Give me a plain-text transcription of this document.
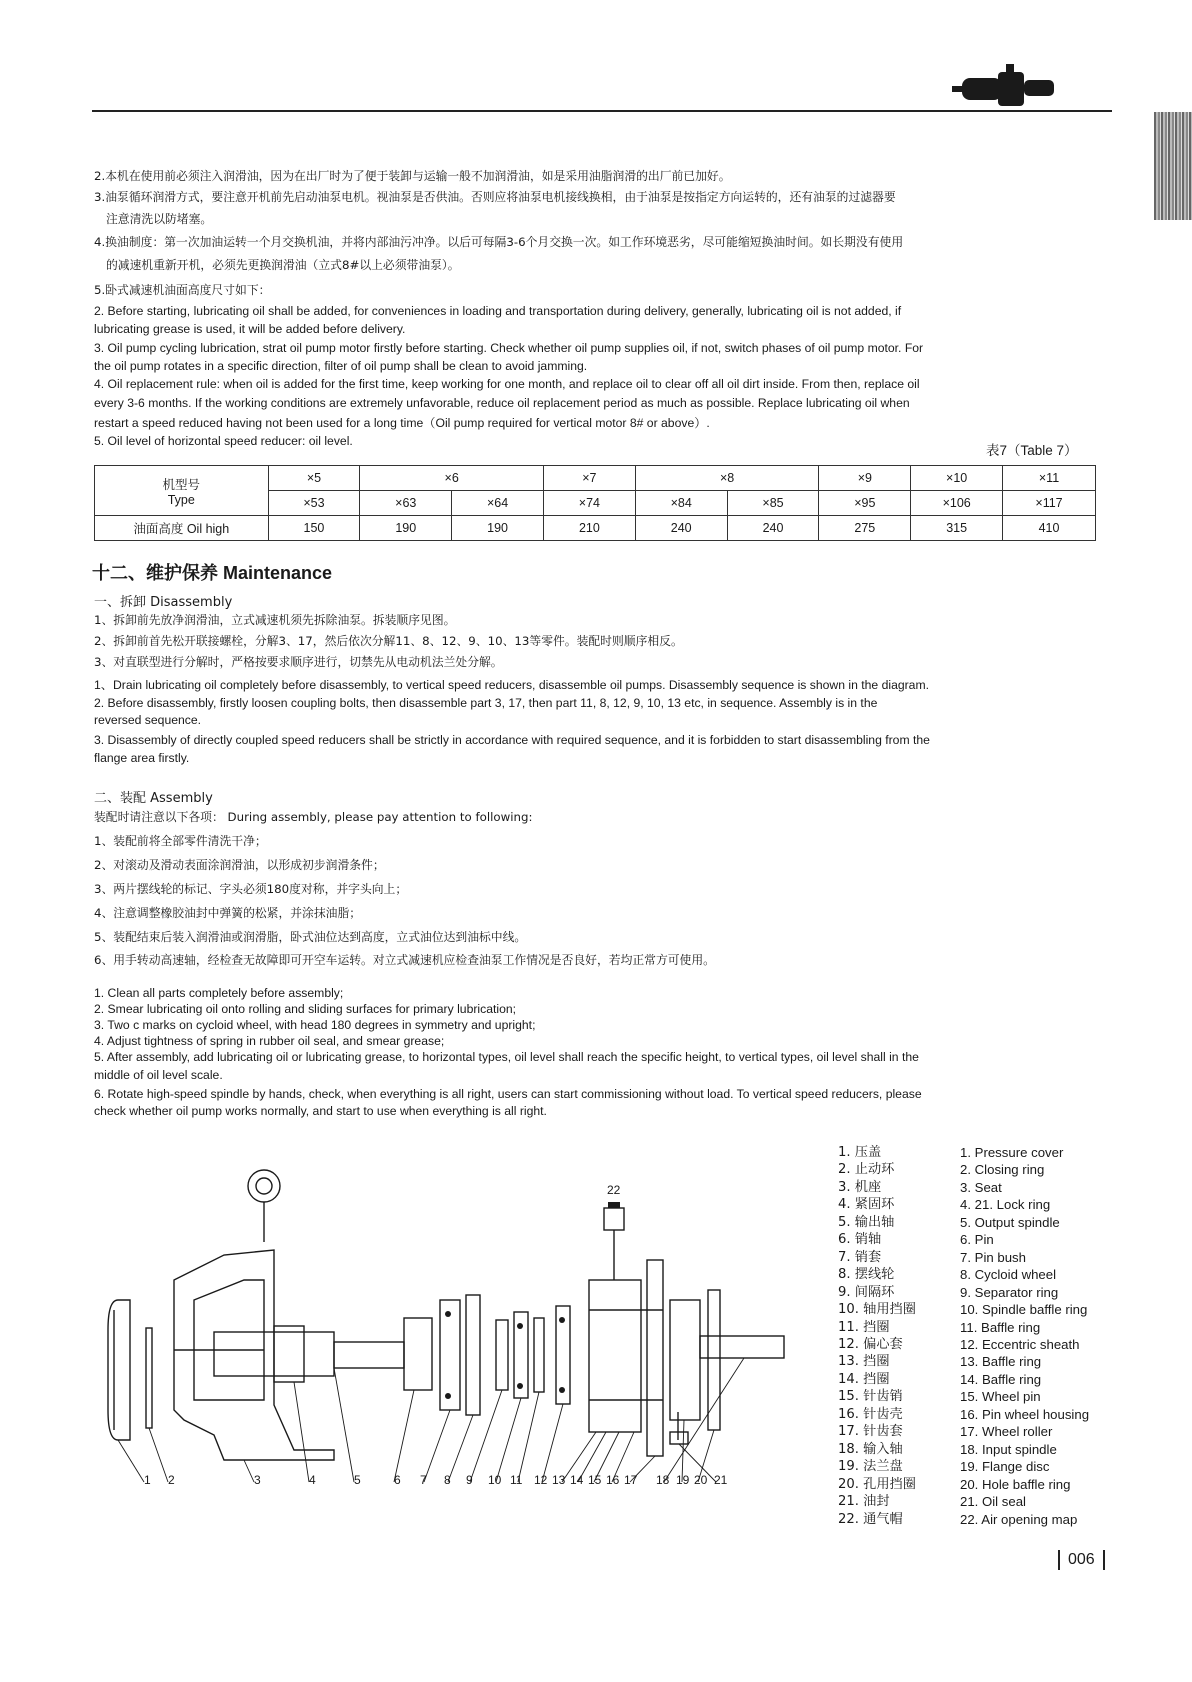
2.本机在使用前必须注入润滑油，因为在出厂时为了便于装卸与运输一般不加润滑油，如是采用油脂润滑的出厂前已加好。

3.油泵循环润滑方式，要注意开机前先启动油泵电机。视油泵是否供油。否则应将油泵电机接线换相，由于油泵是按指定方向运转的，还有油泵的过滤器要

注意清洗以防堵塞。

4.换油制度：第一次加油运转一个月交换机油，并将内部油污冲净。以后可每隔3-6个月交换一次。如工作环境恶劣，尽可能缩短换油时间。如长期没有使用

的减速机重新开机，必须先更换润滑油（立式8#以上必须带油泵）。

5.卧式减速机油面高度尺寸如下：

2. Before starting, lubricating oil shall be added, for conveniences in loading and transportation during delivery, generally, lubricating oil is not added, if

lubricating grease is used, it will be added before delivery.

3. Oil pump cycling lubrication, strat oil pump motor firstly before starting. Check whether oil pump supplies oil, if not, switch phases of oil pump motor. For

the oil pump rotates in a specific direction, filter of oil pump shall be clean to avoid jamming.

4. Oil replacement rule: when oil is added for the first time, keep working for one month, and replace oil to clear off all oil dirt inside. From then, replace oil

every 3-6 months. If the working conditions are extremely unfavorable, reduce oil replacement period as much as possible. Replace lubricating oil when

restart a speed reduced having not been used for a long time（Oil pump required for vertical motor 8# or above）.

5. Oil level of horizontal speed reducer: oil level.

表7（Table 7）
机型号
Type	×5	×6		×7	×8		×9	×10	×11
	×53	×63	×64	×74	×84	×85	×95	×106	×117
油面高度 Oil high	150	190	190	210	240	240	275	315	410
十二、维护保养 Maintenance
一、拆卸 Disassembly

1、拆卸前先放净润滑油，立式减速机须先拆除油泵。拆装顺序见图。

2、拆卸前首先松开联接螺栓，分解3、17，然后依次分解11、8、12、9、10、13等零件。装配时则顺序相反。

3、对直联型进行分解时，严格按要求顺序进行，切禁先从电动机法兰处分解。

1、Drain lubricating oil completely before disassembly, to vertical speed reducers, disassemble oil pumps. Disassembly sequence is shown in the diagram.

2. Before disassembly, firstly loosen coupling bolts, then disassemble part 3, 17, then part 11, 8, 12, 9, 10, 13 etc, in sequence. Assembly is in the

reversed sequence.

3. Disassembly of directly coupled speed reducers shall be strictly in accordance with required sequence, and it is forbidden to start disassembling from the

flange area firstly.

二、装配 Assembly

装配时请注意以下各项： During assembly, please pay attention to following:

1、装配前将全部零件清洗干净；

2、对滚动及滑动表面涂润滑油，以形成初步润滑条件；

3、两片摆线轮的标记、字头必须180度对称，并字头向上；

4、注意调整橡胶油封中弹簧的松紧，并涂抹油脂；

5、装配结束后装入润滑油或润滑脂，卧式油位达到高度，立式油位达到油标中线。

6、用手转动高速轴，经检查无故障即可开空车运转。对立式减速机应检查油泵工作情况是否良好，若均正常方可使用。

1. Clean all parts completely before assembly;

2. Smear lubricating oil onto rolling and sliding surfaces for primary lubrication;

3. Two c marks on cycloid wheel, with head 180 degrees in symmetry and upright;

4. Adjust tightness of spring in rubber oil seal, and smear grease;

5. After assembly, add lubricating oil or lubricating grease, to horizontal types, oil level shall reach the specific height, to vertical types, oil level shall in the

middle of oil level scale.

6. Rotate high-speed spindle by hands, check, when everything is all right, users can start commissioning without load. To vertical speed reducers, please

check whether oil pump works normally, and start to use when everything is all right.

22
1 2	3	4	5	6 7 8 9 10 11 12 13 14 15 16 17 18 19 20 21
1. 压盖
2. 止动环
3. 机座
4. 紧固环
5. 输出轴
6. 销轴
7. 销套
8. 摆线轮
9. 间隔环
10. 轴用挡圈
11. 挡圈
12. 偏心套
13. 挡圈
14. 挡圈
15. 针齿销
16. 针齿壳
17. 针齿套
18. 输入轴
19. 法兰盘
20. 孔用挡圈
21. 油封
22. 通气帽
1. Pressure cover
2. Closing ring
3. Seat
4. 21. Lock ring
5. Output spindle
6. Pin
7. Pin bush
8. Cycloid wheel
9. Separator ring
10. Spindle baffle ring
11. Baffle ring
12. Eccentric sheath
13. Baffle ring
14. Baffle ring
15. Wheel pin
16. Pin wheel housing
17. Wheel roller
18. Input spindle
19. Flange disc
20. Hole baffle ring
21. Oil seal
22. Air opening map
006
